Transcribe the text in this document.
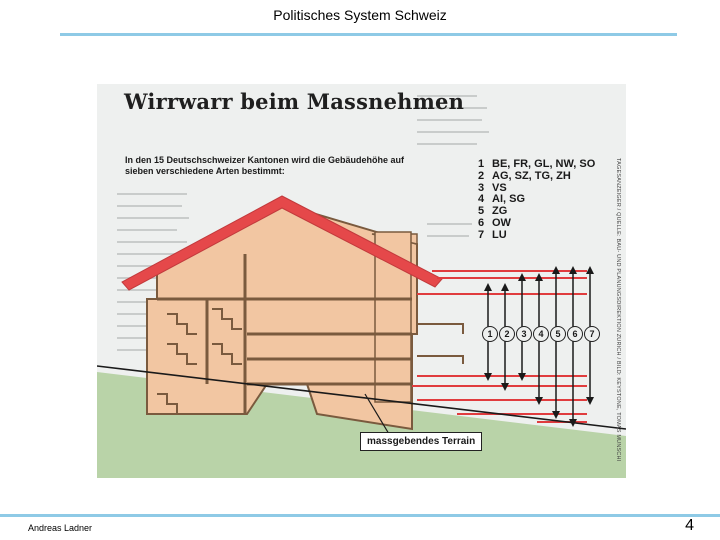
Politisches System Schweiz
Wirrwarr beim Massnehmen
In den 15 Deutschschweizer Kantonen wird die Gebäudehöhe auf sieben verschiedene Arten bestimmt:
1 BE, FR, GL, NW, SO
2 AG, SZ, TG, ZH
3 VS
4 AI, SG
5 ZG
6 OW
7 LU	TAGESANZEIGER / QUELLE: BAU- UND PLANUNGSDIREKTION ZÜRICH / BILD: KEYSTONE, TOMAS MUNSCHI
1	2	3	4	5	6	7
massgebendes Terrain
Andreas Ladner	4
